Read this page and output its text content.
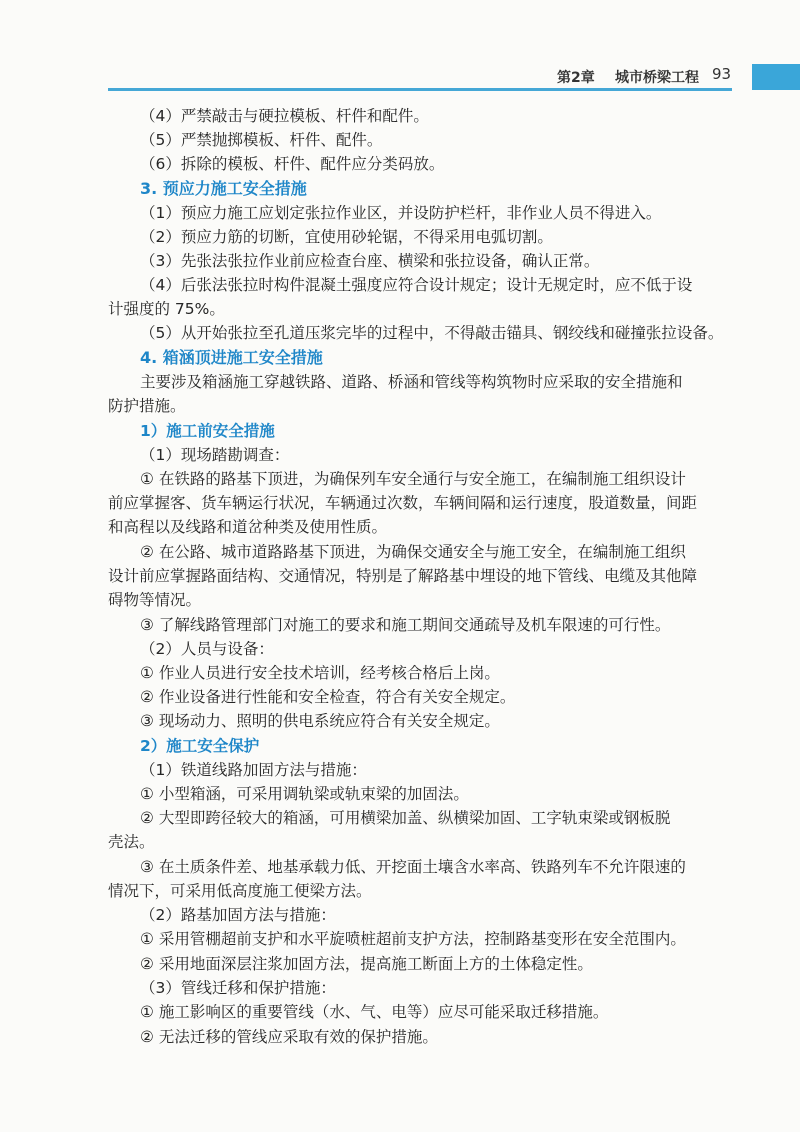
第2章 城市桥梁工程 93
（4）严禁敲击与硬拉模板、杆件和配件。
（5）严禁抛掷模板、杆件、配件。
（6）拆除的模板、杆件、配件应分类码放。
3. 预应力施工安全措施
（1）预应力施工应划定张拉作业区，并设防护栏杆，非作业人员不得进入。
（2）预应力筋的切断，宜使用砂轮锯，不得采用电弧切割。
（3）先张法张拉作业前应检查台座、横梁和张拉设备，确认正常。
（4）后张法张拉时构件混凝土强度应符合设计规定；设计无规定时，应不低于设
计强度的 75%。
（5）从开始张拉至孔道压浆完毕的过程中，不得敲击锚具、钢绞线和碰撞张拉设备。
4. 箱涵顶进施工安全措施
主要涉及箱涵施工穿越铁路、道路、桥涵和管线等构筑物时应采取的安全措施和
防护措施。
1）施工前安全措施
（1）现场踏勘调查：
① 在铁路的路基下顶进，为确保列车安全通行与安全施工，在编制施工组织设计
前应掌握客、货车辆运行状况，车辆通过次数，车辆间隔和运行速度，股道数量，间距
和高程以及线路和道岔种类及使用性质。
② 在公路、城市道路路基下顶进，为确保交通安全与施工安全，在编制施工组织
设计前应掌握路面结构、交通情况，特别是了解路基中埋设的地下管线、电缆及其他障
碍物等情况。
③ 了解线路管理部门对施工的要求和施工期间交通疏导及机车限速的可行性。
（2）人员与设备：
① 作业人员进行安全技术培训，经考核合格后上岗。
② 作业设备进行性能和安全检查，符合有关安全规定。
③ 现场动力、照明的供电系统应符合有关安全规定。
2）施工安全保护
（1）铁道线路加固方法与措施：
① 小型箱涵，可采用调轨梁或轨束梁的加固法。
② 大型即跨径较大的箱涵，可用横梁加盖、纵横梁加固、工字轨束梁或钢板脱
壳法。
③ 在土质条件差、地基承载力低、开挖面土壤含水率高、铁路列车不允许限速的
情况下，可采用低高度施工便梁方法。
（2）路基加固方法与措施：
① 采用管棚超前支护和水平旋喷桩超前支护方法，控制路基变形在安全范围内。
② 采用地面深层注浆加固方法，提高施工断面上方的土体稳定性。
（3）管线迁移和保护措施：
① 施工影响区的重要管线（水、气、电等）应尽可能采取迁移措施。
② 无法迁移的管线应采取有效的保护措施。
